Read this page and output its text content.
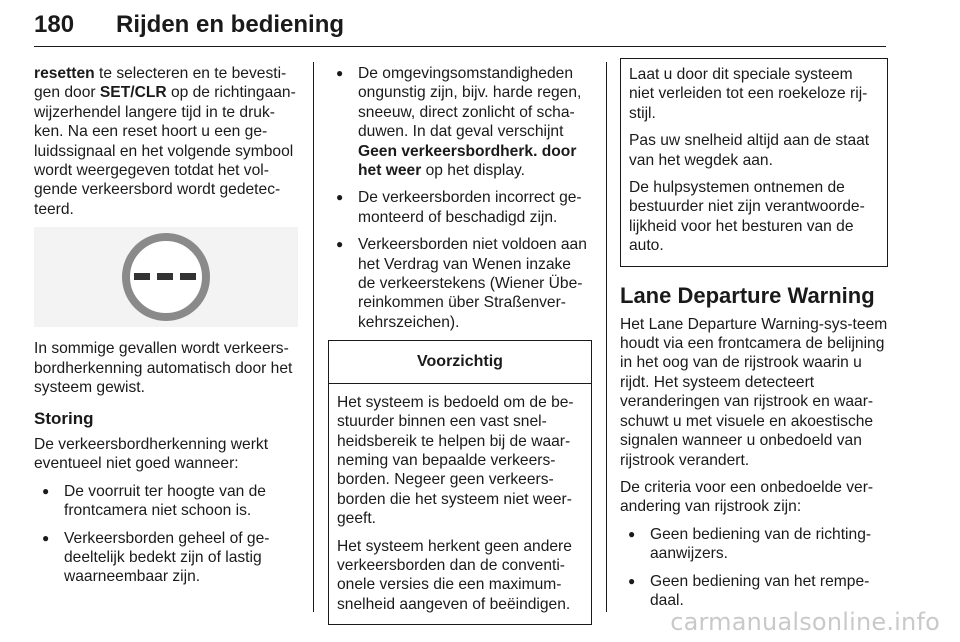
180 Rijden en bediening

resetten te selecteren en te bevesti-gen door SET/CLR op de richtingaan-wijzerhendel langere tijd in te druk-ken. Na een reset hoort u een ge-luidssignaal en het volgende symbool wordt weergegeven totdat het vol-gende verkeersbord wordt gedetec-teerd.

In sommige gevallen wordt verkeers-bordherkenning automatisch door het systeem gewist.

Storing

De verkeersbordherkenning werkt eventueel niet goed wanneer:

● De voorruit ter hoogte van de frontcamera niet schoon is.
● Verkeersborden geheel of ge-deeltelijk bedekt zijn of lastig waarneembaar zijn.
● De omgevingsomstandigheden ongunstig zijn, bijv. harde regen, sneeuw, direct zonlicht of scha-duwen. In dat geval verschijnt Geen verkeersbordherk. door het weer op het display.
● De verkeersborden incorrect ge-monteerd of beschadigd zijn.
● Verkeersborden niet voldoen aan het Verdrag van Wenen inzake de verkeerstekens (Wiener Übe-reinkommen über Straßenver-kehrszeichen).
Voorzichtig

Het systeem is bedoeld om de be-stuurder binnen een vast snel-heidsbereik te helpen bij de waar-neming van bepaalde verkeers-borden. Negeer geen verkeers-borden die het systeem niet weer-geeft.

Het systeem herkent geen andere verkeersborden dan de conventi-onele versies die een maximum-snelheid aangeven of beëindigen.

Laat u door dit speciale systeem niet verleiden tot een roekeloze rij-stijl.

Pas uw snelheid altijd aan de staat van het wegdek aan.

De hulpsystemen ontnemen de bestuurder niet zijn verantwoorde-lijkheid voor het besturen van de auto.

Lane Departure Warning

Het Lane Departure Warning-sys-teem houdt via een frontcamera de belijning in het oog van de rijstrook waarin u rijdt. Het systeem detecteert veranderingen van rijstrook en waar-schuwt u met visuele en akoestische signalen wanneer u onbedoeld van rijstrook verandert.

De criteria voor een onbedoelde ver-andering van rijstrook zijn:

● Geen bediening van de richting-aanwijzers.
● Geen bediening van het rempe-daal.
carmanualsonline.info
